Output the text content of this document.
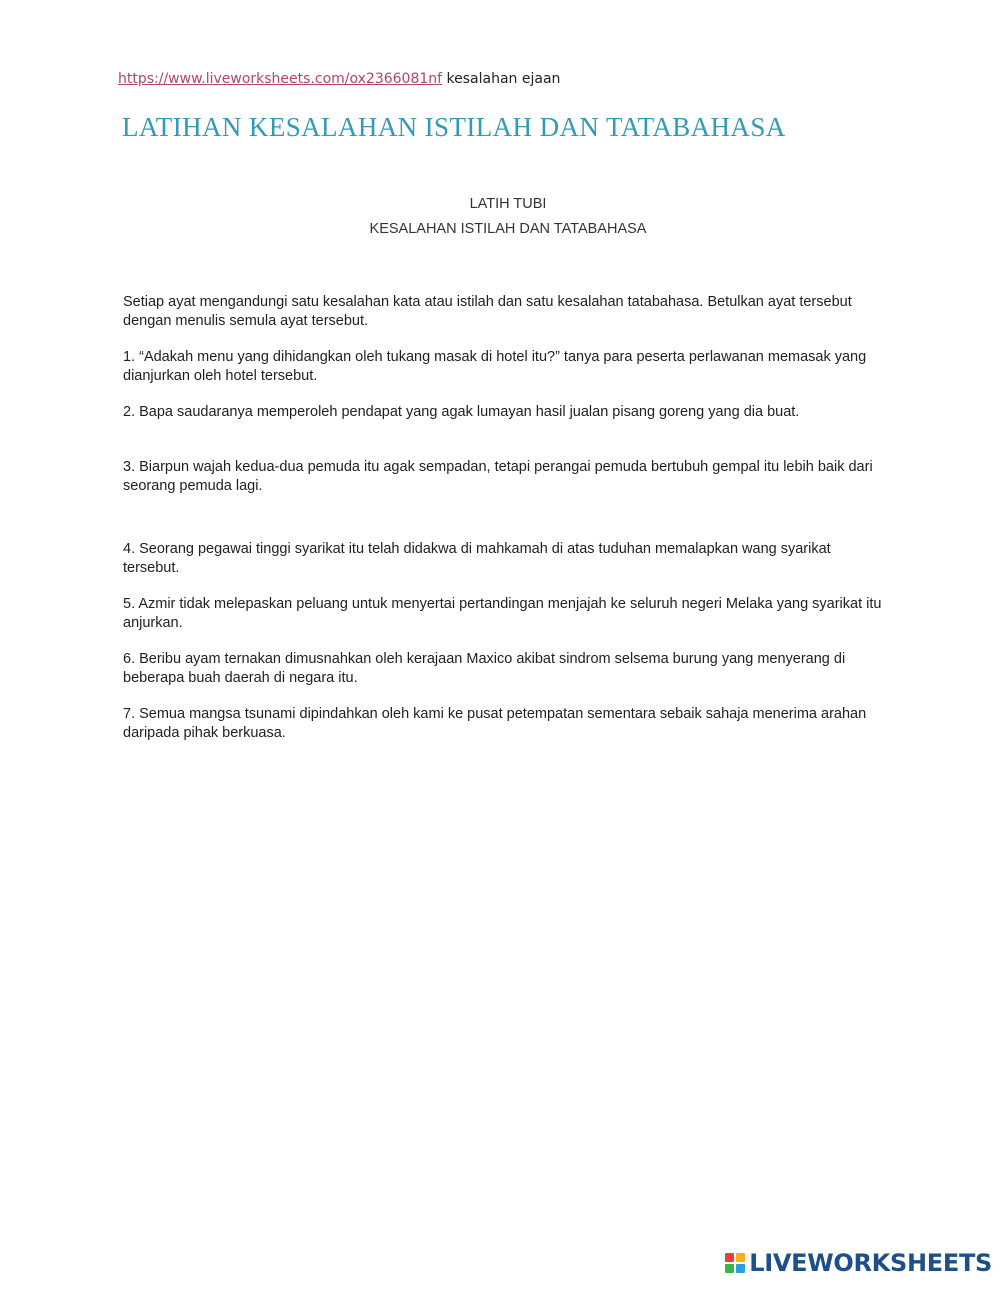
https://www.liveworksheets.com/ox2366081nf kesalahan ejaan
LATIHAN KESALAHAN ISTILAH DAN TATABAHASA
LATIH TUBI
KESALAHAN ISTILAH DAN TATABAHASA

Setiap ayat mengandungi satu kesalahan kata atau istilah dan satu kesalahan tatabahasa. Betulkan ayat tersebut dengan menulis semula ayat tersebut.

1. “Adakah menu yang dihidangkan oleh tukang masak di hotel itu?” tanya para peserta perlawanan memasak yang dianjurkan oleh hotel tersebut.

2. Bapa saudaranya memperoleh pendapat yang agak lumayan hasil jualan pisang goreng yang dia buat.

3. Biarpun wajah kedua-dua pemuda itu agak sempadan, tetapi perangai pemuda bertubuh gempal itu lebih baik dari seorang pemuda lagi.

4. Seorang pegawai tinggi syarikat itu telah didakwa di mahkamah di atas tuduhan memalapkan wang syarikat tersebut.

5. Azmir tidak melepaskan peluang untuk menyertai pertandingan menjajah ke seluruh negeri Melaka yang syarikat itu anjurkan.

6. Beribu ayam ternakan dimusnahkan oleh kerajaan Maxico akibat sindrom selsema burung yang menyerang di beberapa buah daerah di negara itu.

7. Semua mangsa tsunami dipindahkan oleh kami ke pusat petempatan sementara sebaik sahaja menerima arahan daripada pihak berkuasa.

LIVEWORKSHEETS
